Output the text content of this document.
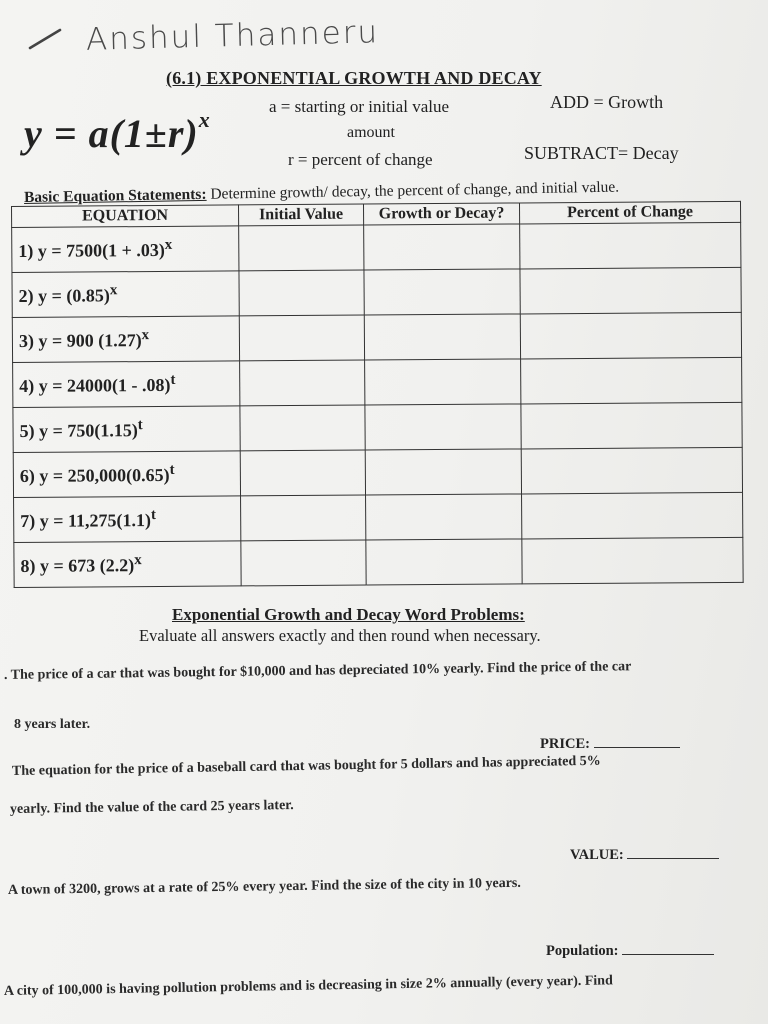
Anshul Thanneru
(6.1) EXPONENTIAL GROWTH AND DECAY
$y = a(1\pm r)^x$
a = starting or initial value
amount
r = percent of change
ADD = Growth
SUBTRACT= Decay
Basic Equation Statements: Determine growth/ decay, the percent of change, and initial value.
EQUATION	Initial Value	Growth or Decay?	Percent of Change
1) $y = 7500(1 + .03)^x$			
2) $y = (0.85)^x$			
3) y = 900 $(1.27)^x$			
4) y = 24000(1 - .08)$^t$			
5) $y = 750(1.15)^t$			
6) $y = 250,000(0.65)^t$			
7) $y = 11,275(1.1)^t$			
8) y = 673 $(2.2)^x$			
Exponential Growth and Decay Word Problems:
Evaluate all answers exactly and then round when necessary.
. The price of a car that was bought for $10,000 and has depreciated 10% yearly. Find the price of the car
8 years later.
PRICE:
The equation for the price of a baseball card that was bought for 5 dollars and has appreciated 5%
yearly. Find the value of the card 25 years later.
VALUE:
A town of 3200, grows at a rate of 25% every year. Find the size of the city in 10 years.
Population:
A city of 100,000 is having pollution problems and is decreasing in size 2% annually (every year). Find
